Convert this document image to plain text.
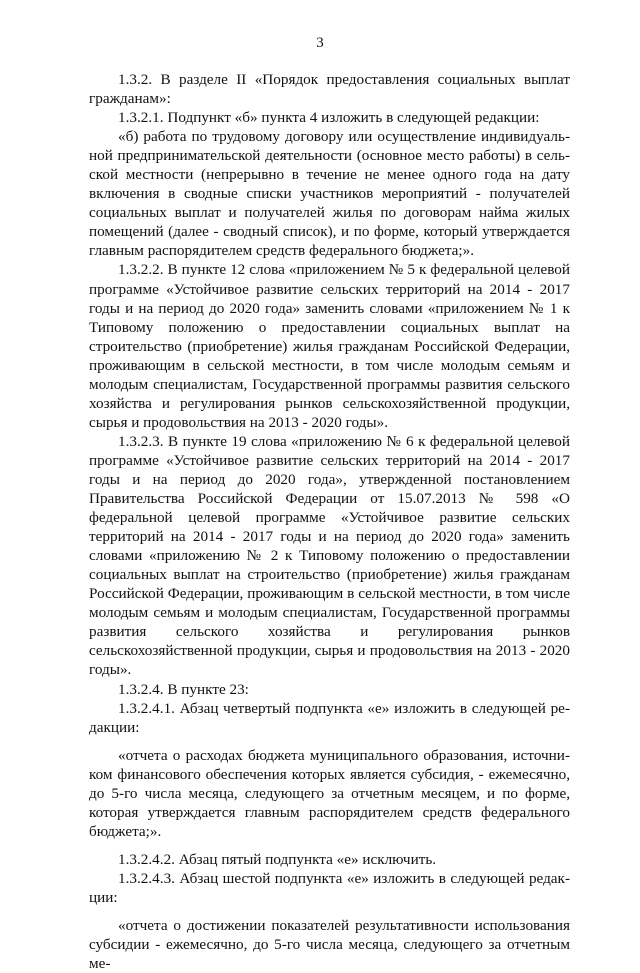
3

1.3.2. В разделе II «Порядок предоставления социальных выплат гражданам»:

1.3.2.1. Подпункт «б» пункта 4 изложить в следующей редакции:

«б) работа по трудовому договору или осуществление индивидуальной предпринимательской деятельности (основное место работы) в сельской местности (непрерывно в течение не менее одного года на дату включения в сводные списки участников мероприятий - получателей социальных выплат и получателей жилья по договорам найма жилых помещений (далее - сводный список), и по форме, который утверждается главным распорядителем средств федерального бюджета;».

1.3.2.2. В пункте 12 слова «приложением № 5 к федеральной целевой программе «Устойчивое развитие сельских территорий на 2014 - 2017 годы и на период до 2020 года» заменить словами «приложением № 1 к Типовому положению о предоставлении социальных выплат на строительство (приобретение) жилья гражданам Российской Федерации, проживающим в сельской местности, в том числе молодым семьям и молодым специалистам, Государственной программы развития сельского хозяйства и регулирования рынков сельскохозяйственной продукции, сырья и продовольствия на 2013 - 2020 годы».

1.3.2.3. В пункте 19 слова «приложению № 6 к федеральной целевой программе «Устойчивое развитие сельских территорий на 2014 - 2017 годы и на период до 2020 года», утвержденной постановлением Правительства Российской Федерации от 15.07.2013 № 598 «О федеральной целевой программе «Устойчивое развитие сельских территорий на 2014 - 2017 годы и на период до 2020 года» заменить словами «приложению № 2 к Типовому положению о предоставлении социальных выплат на строительство (приобретение) жилья гражданам Российской Федерации, проживающим в сельской местности, в том числе молодым семьям и молодым специалистам, Государственной программы развития сельского хозяйства и регулирования рынков сельскохозяйственной продукции, сырья и продовольствия на 2013 - 2020 годы».

1.3.2.4. В пункте 23:

1.3.2.4.1. Абзац четвертый подпункта «е» изложить в следующей редакции:

«отчета о расходах бюджета муниципального образования, источником финансового обеспечения которых является субсидия, - ежемесячно, до 5-го числа месяца, следующего за отчетным месяцем, и по форме, которая утверждается главным распорядителем средств федерального бюджета;».

1.3.2.4.2. Абзац пятый подпункта «е» исключить.

1.3.2.4.3. Абзац шестой подпункта «е» изложить в следующей редакции:

«отчета о достижении показателей результативности использования субсидии - ежемесячно, до 5-го числа месяца, следующего за отчетным ме-
